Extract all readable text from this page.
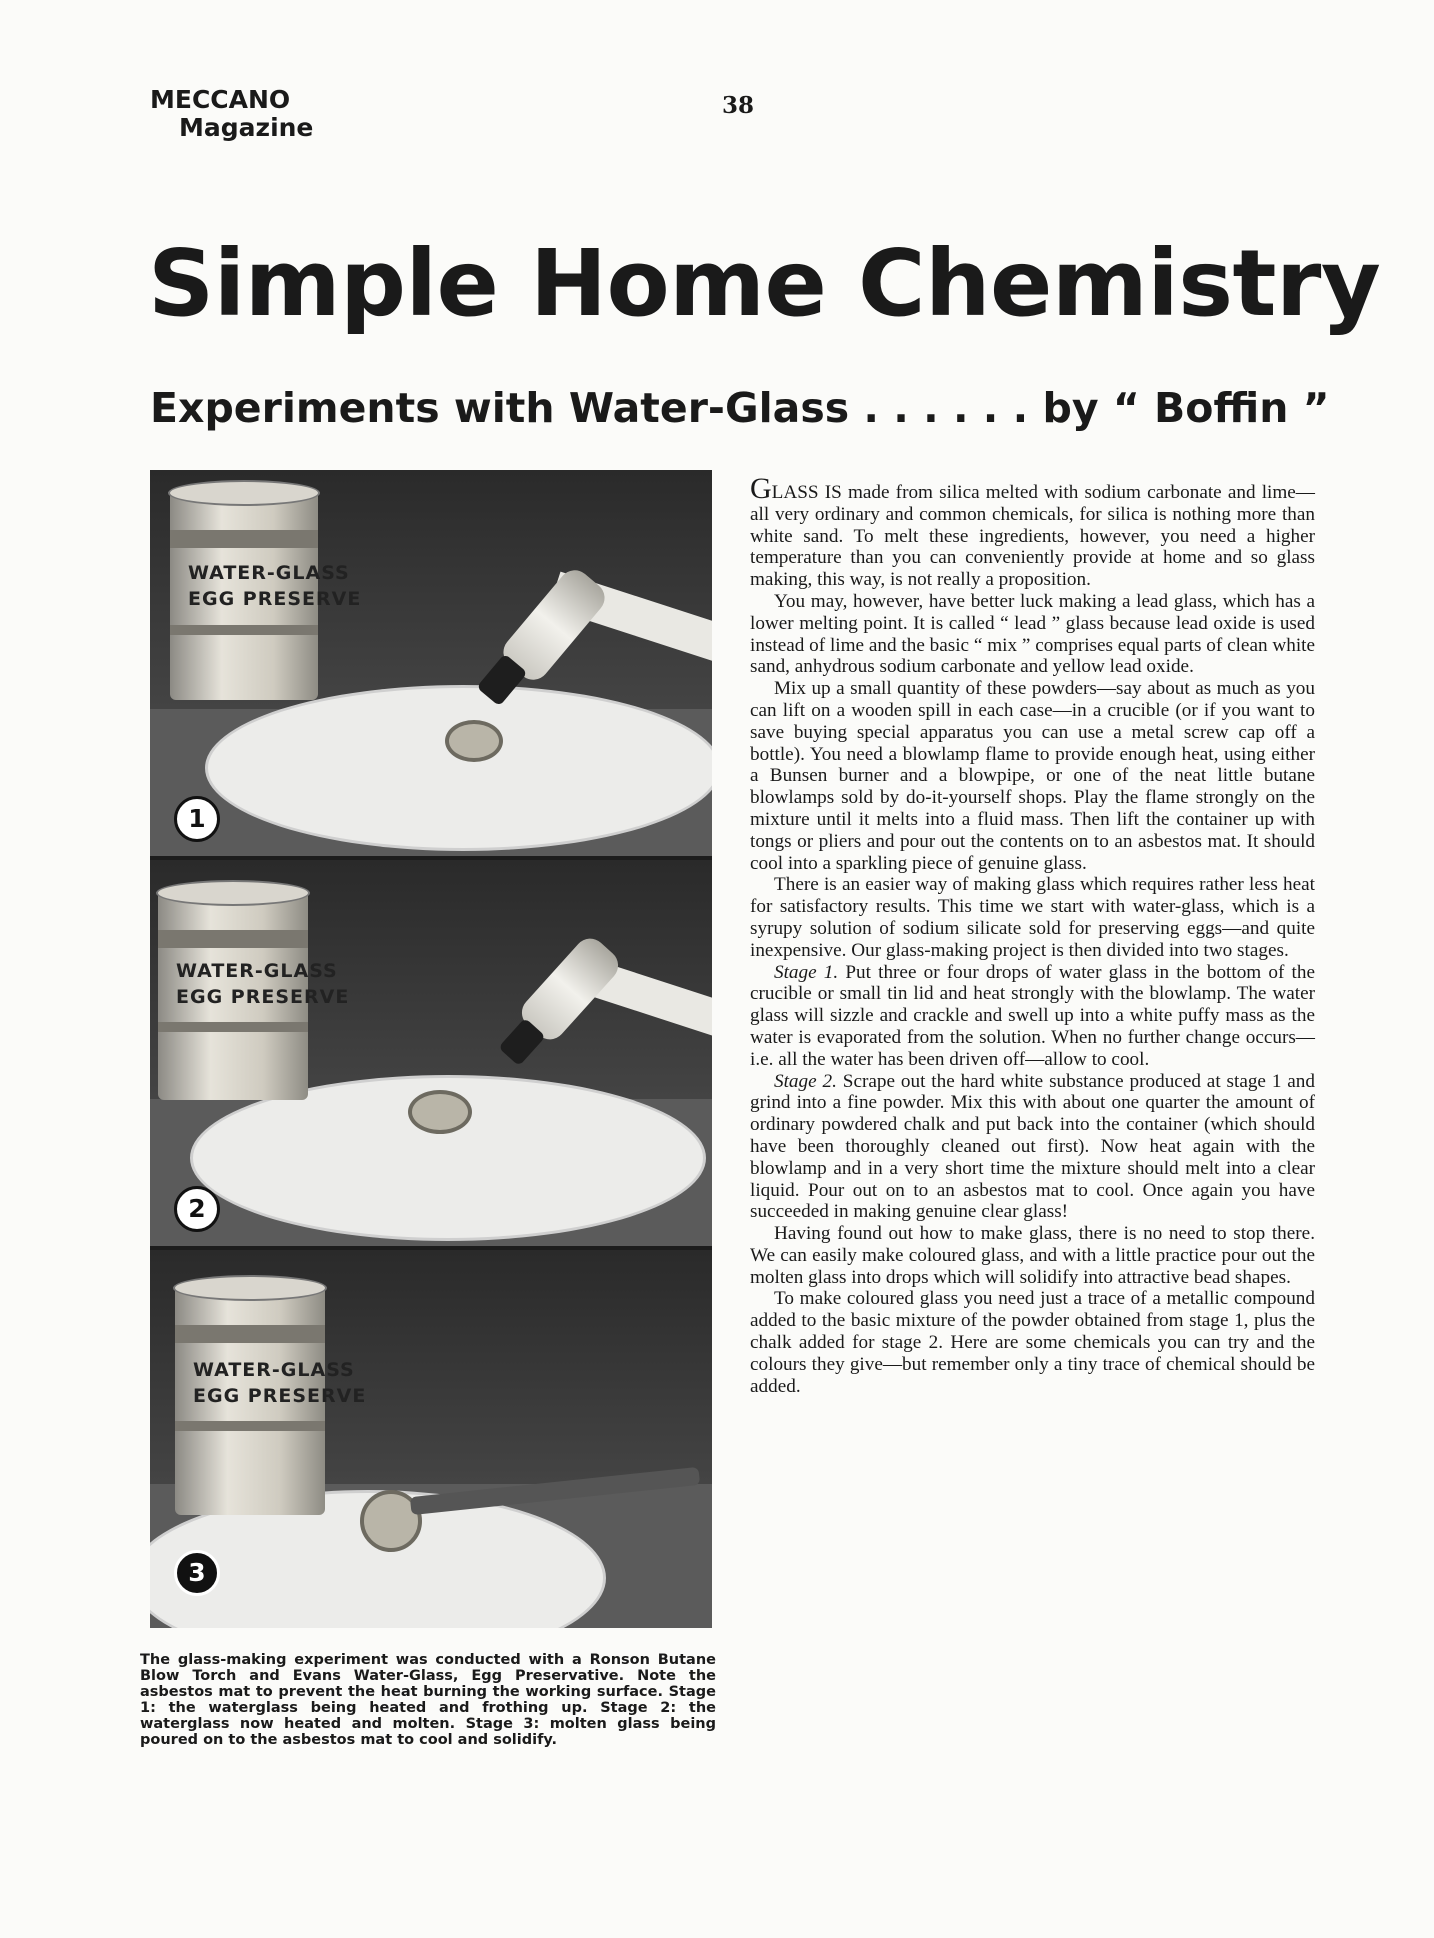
MECCANO
Magazine
38
Simple Home Chemistry
Experiments with Water-Glass . . . . . . by “ Boffin ”
WATER-GLASS
EGG PRESERVE
1
WATER-GLASS
EGG PRESERVE
2
WATER-GLASS
EGG PRESERVE
3
The glass-making experiment was conducted with a Ronson Butane Blow Torch and Evans Water-Glass, Egg Preservative. Note the asbestos mat to prevent the heat burning the working surface. Stage 1: the waterglass being heated and frothing up. Stage 2: the waterglass now heated and molten. Stage 3: molten glass being poured on to the asbestos mat to cool and solidify.

GLASS IS made from silica melted with sodium carbonate and lime—all very ordinary and common chemicals, for silica is nothing more than white sand. To melt these ingredients, however, you need a higher temperature than you can conveniently provide at home and so glass making, this way, is not really a proposition.

You may, however, have better luck making a lead glass, which has a lower melting point. It is called “ lead ” glass because lead oxide is used instead of lime and the basic “ mix ” comprises equal parts of clean white sand, anhydrous sodium carbonate and yellow lead oxide.

Mix up a small quantity of these powders—say about as much as you can lift on a wooden spill in each case—in a crucible (or if you want to save buying special apparatus you can use a metal screw cap off a bottle). You need a blowlamp flame to provide enough heat, using either a Bunsen burner and a blowpipe, or one of the neat little butane blowlamps sold by do-it-yourself shops. Play the flame strongly on the mixture until it melts into a fluid mass. Then lift the container up with tongs or pliers and pour out the contents on to an asbestos mat. It should cool into a sparkling piece of genuine glass.

There is an easier way of making glass which requires rather less heat for satisfactory results. This time we start with water-glass, which is a syrupy solution of sodium silicate sold for preserving eggs—and quite inexpensive. Our glass-making project is then divided into two stages.

Stage 1. Put three or four drops of water glass in the bottom of the crucible or small tin lid and heat strongly with the blowlamp. The water glass will sizzle and crackle and swell up into a white puffy mass as the water is evaporated from the solution. When no further change occurs—i.e. all the water has been driven off—allow to cool.

Stage 2. Scrape out the hard white substance produced at stage 1 and grind into a fine powder. Mix this with about one quarter the amount of ordinary powdered chalk and put back into the container (which should have been thoroughly cleaned out first). Now heat again with the blowlamp and in a very short time the mixture should melt into a clear liquid. Pour out on to an asbestos mat to cool. Once again you have succeeded in making genuine clear glass!

Having found out how to make glass, there is no need to stop there. We can easily make coloured glass, and with a little practice pour out the molten glass into drops which will solidify into attractive bead shapes.

To make coloured glass you need just a trace of a metallic compound added to the basic mixture of the powder obtained from stage 1, plus the chalk added for stage 2. Here are some chemicals you can try and the colours they give—but remember only a tiny trace of chemical should be added.
